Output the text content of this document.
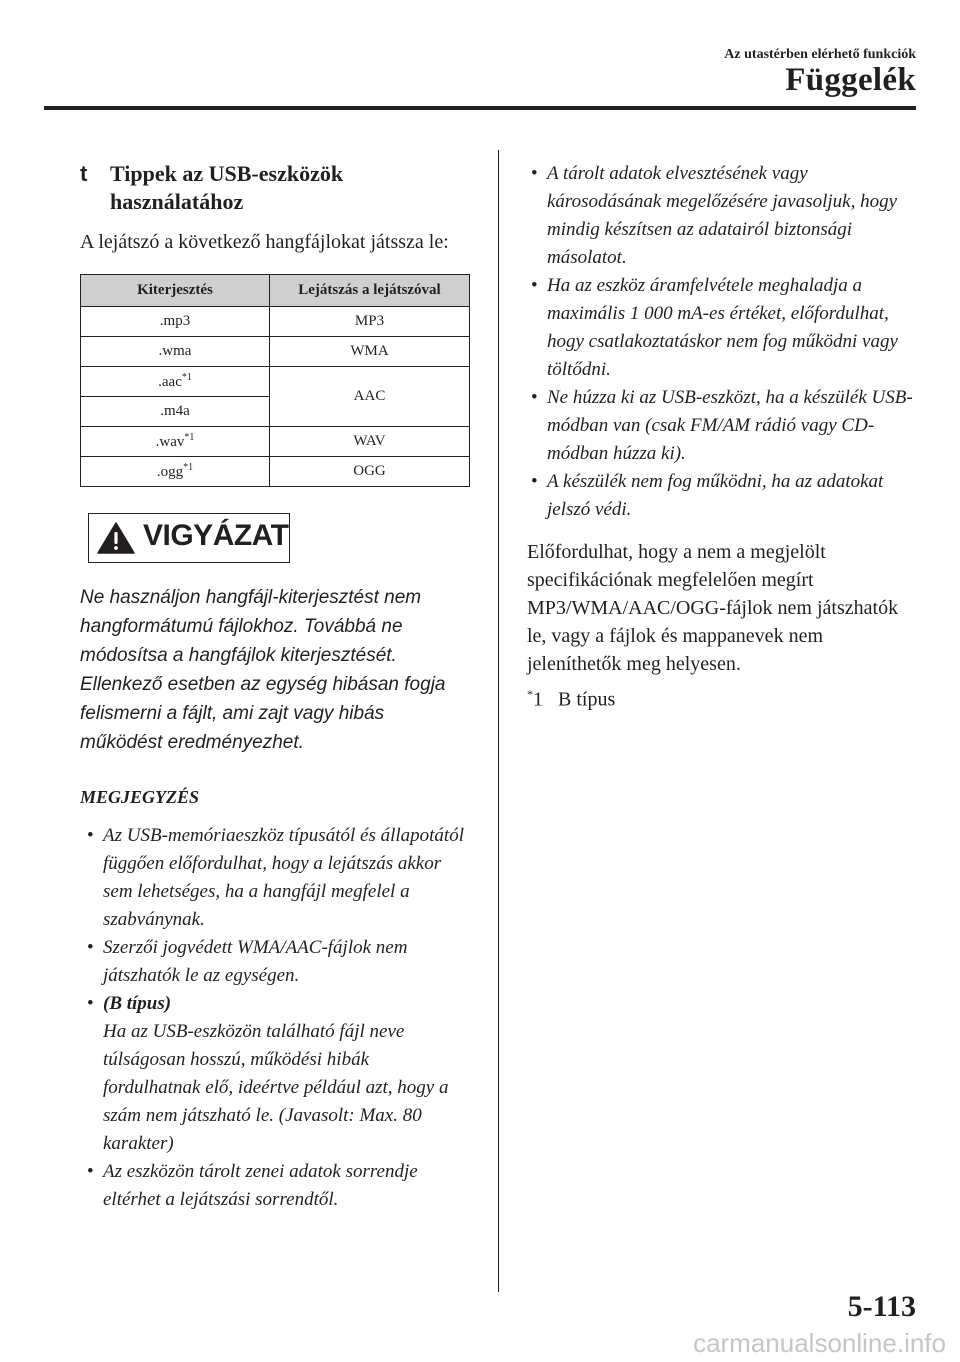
Az utastérben elérhető funkciók
Függelék
t Tippek az USB-eszközök
használatához
A lejátszó a következő hangfájlokat játssza le:
Kiterjesztés	Lejátszás a lejátszóval
.mp3	MP3
.wma	WMA
.aac$^{*1}$	AAC
.m4a	
.wav$^{*1}$	WAV
.ogg$^{*1}$	OGG
VIGYÁZAT
Ne használjon hangfájl-kiterjesztést nem hangformátumú fájlokhoz. Továbbá ne módosítsa a hangfájlok kiterjesztését. Ellenkező esetben az egység hibásan fogja felismerni a fájlt, ami zajt vagy hibás működést eredményezhet.
MEGJEGYZÉS
• Az USB-memóriaeszköz típusától és állapotától függően előfordulhat, hogy a lejátszás akkor sem lehetséges, ha a hangfájl megfelel a szabványnak.
• Szerzői jogvédett WMA/AAC-fájlok nem játszhatók le az egységen.
• (B típus)
Ha az USB-eszközön található fájl neve túlságosan hosszú, működési hibák fordulhatnak elő, ideértve például azt, hogy a szám nem játszható le. (Javasolt: Max. 80 karakter)
• Az eszközön tárolt zenei adatok sorrendje eltérhet a lejátszási sorrendtől.
• A tárolt adatok elvesztésének vagy károsodásának megelőzésére javasoljuk, hogy mindig készítsen az adatairól biztonsági másolatot.
• Ha az eszköz áramfelvétele meghaladja a maximális 1 000 mA-es értéket, előfordulhat, hogy csatlakoztatáskor nem fog működni vagy töltődni.
• Ne húzza ki az USB-eszközt, ha a készülék USB-módban van (csak FM/AM rádió vagy CD-módban húzza ki).
• A készülék nem fog működni, ha az adatokat jelszó védi.
Előfordulhat, hogy a nem a megjelölt specifikációnak megfelelően megírt MP3/WMA/AAC/OGG-fájlok nem játszhatók le, vagy a fájlok és mappanevek nem jeleníthetők meg helyesen.
*1 B típus
5-113
carmanualsonline.info
